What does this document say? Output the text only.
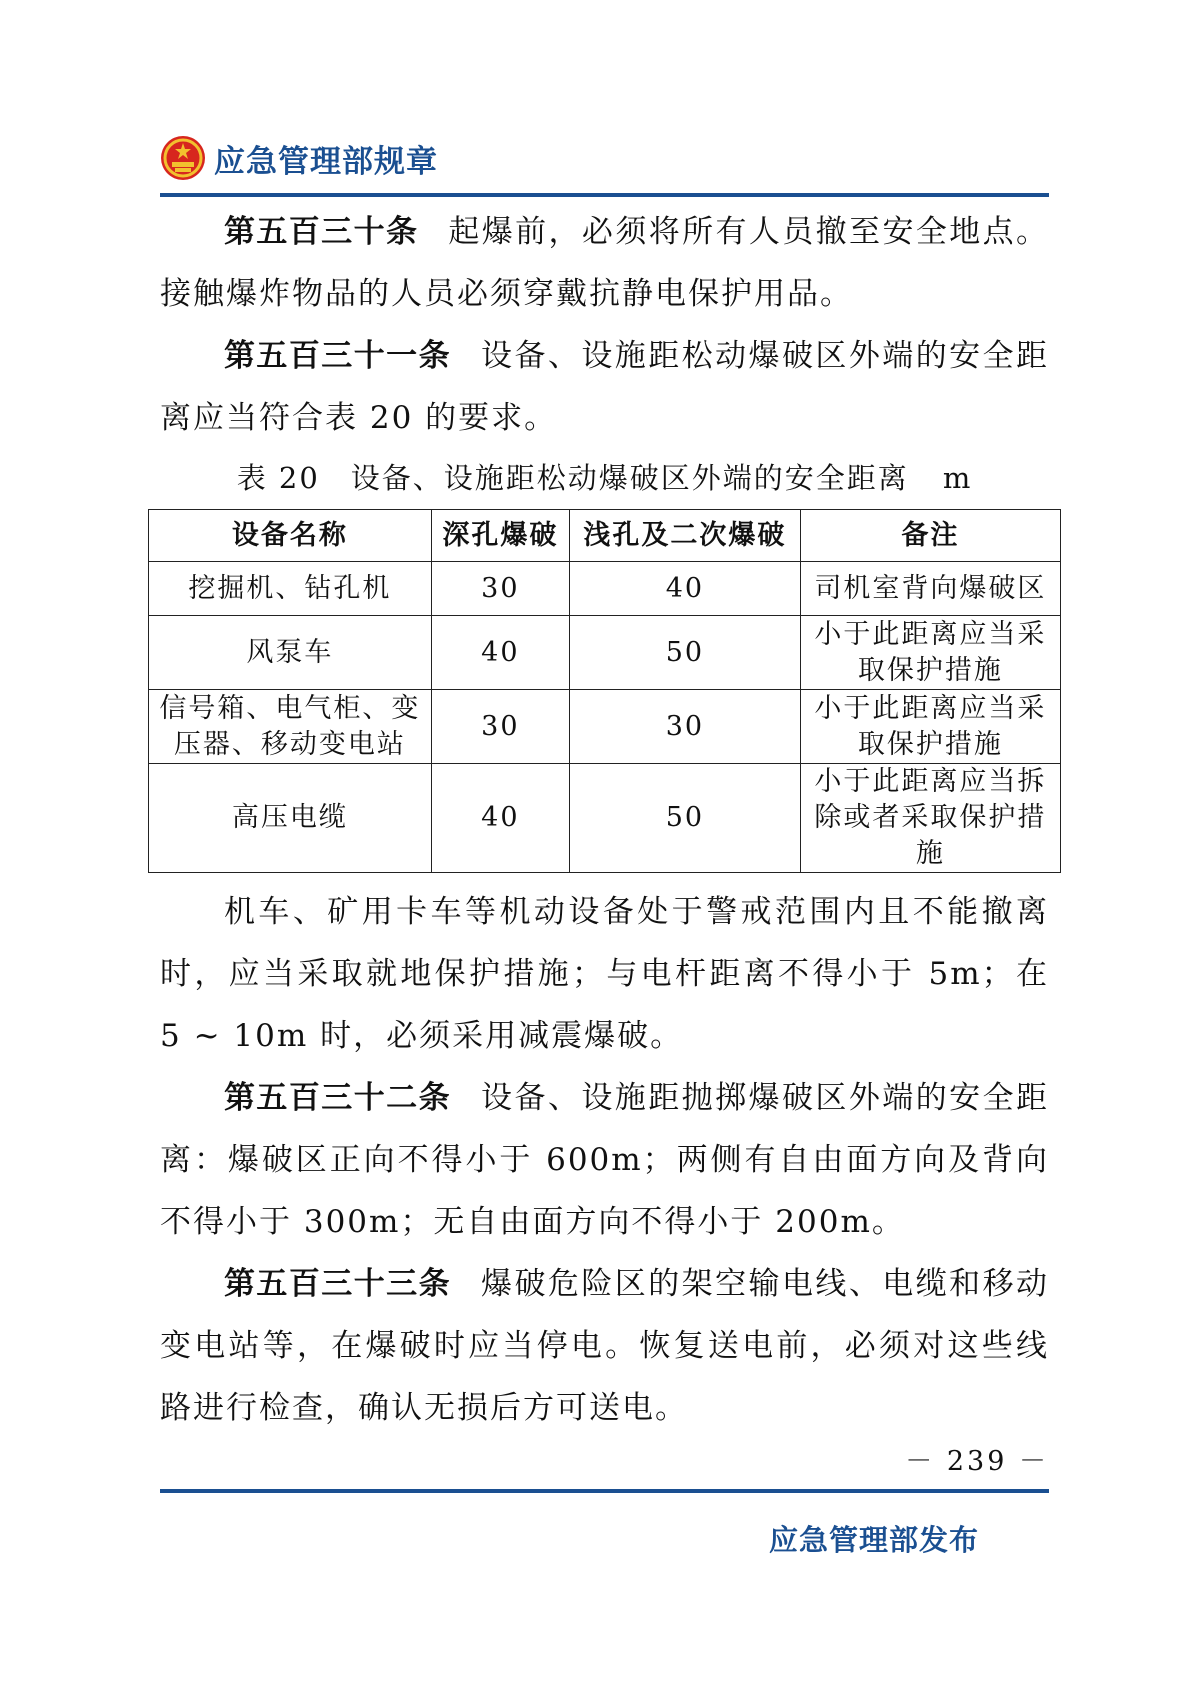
应急管理部规章

第五百三十条 起爆前，必须将所有人员撤至安全地点。接触爆炸物品的人员必须穿戴抗静电保护用品。

第五百三十一条 设备、设施距松动爆破区外端的安全距离应当符合表 20 的要求。

表 20　设备、设施距松动爆破区外端的安全距离 m
设备名称	深孔爆破	浅孔及二次爆破	备注
挖掘机、钻孔机	30	40	司机室背向爆破区
风泵车	40	50	小于此距离应当采取保护措施
信号箱、电气柜、变压器、移动变电站	30	30	小于此距离应当采取保护措施
高压电缆	40	50	小于此距离应当拆除或者采取保护措施

机车、矿用卡车等机动设备处于警戒范围内且不能撤离时，应当采取就地保护措施；与电杆距离不得小于 5m；在 5 ~ 10m 时，必须采用减震爆破。

第五百三十二条 设备、设施距抛掷爆破区外端的安全距离：爆破区正向不得小于 600m；两侧有自由面方向及背向不得小于 300m；无自由面方向不得小于 200m。

第五百三十三条 爆破危险区的架空输电线、电缆和移动变电站等，在爆破时应当停电。恢复送电前，必须对这些线路进行检查，确认无损后方可送电。

－ 239 －
应急管理部发布
